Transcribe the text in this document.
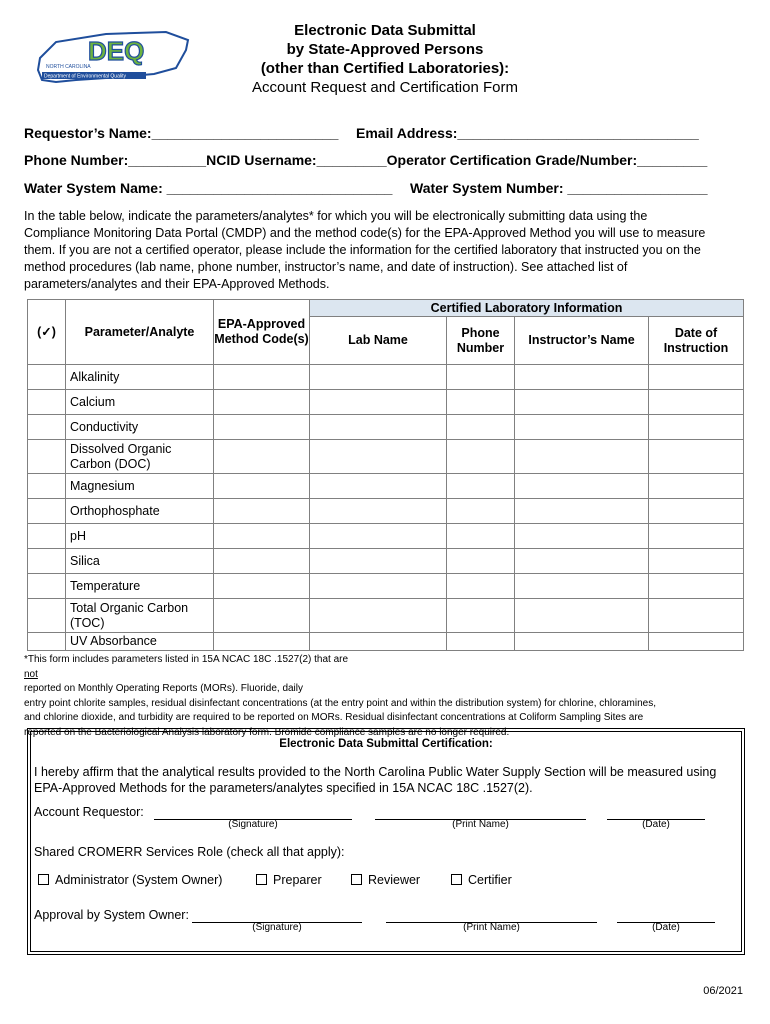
DEQ
NORTH CAROLINA
Department of Environmental Quality
Electronic Data Submittal
by State-Approved Persons
(other than Certified Laboratories):
Account Request and Certification Form
Requestor’s Name:________________________ Email Address:_______________________________
Phone Number:__________NCID Username:_________Operator Certification Grade/Number:_________
Water System Name: _____________________________ Water System Number: __________________
In the table below, indicate the parameters/analytes* for which you will be electronically submitting data using the
Compliance Monitoring Data Portal (CMDP) and the method code(s) for the EPA-Approved Method you will use to measure
them. If you are not a certified operator, please include the information for the certified laboratory that instructed you on the
method procedures (lab name, phone number, instructor’s name, and date of instruction). See attached list of
parameters/analytes and their EPA-Approved Methods.
(✓)	Parameter/Analyte	EPA-Approved Method Code(s)	Certified Laboratory Information			
			Lab Name	Phone Number	Instructor’s Name	Date of Instruction
	Alkalinity					
	Calcium					
	Conductivity					
	Dissolved Organic Carbon (DOC)					
	Magnesium					
	Orthophosphate					
	pH					
	Silica					
	Temperature					
	Total Organic Carbon (TOC)					
	UV Absorbance					
*This form includes parameters listed in 15A NCAC 18C .1527(2) that are
not
reported on Monthly Operating Reports (MORs). Fluoride, daily
entry point chlorite samples, residual disinfectant concentrations (at the entry point and within the distribution system) for chlorine, chloramines,
and chlorine dioxide, and turbidity are required to be reported on MORs. Residual disinfectant concentrations at Coliform Sampling Sites are
reported on the Bacteriological Analysis laboratory form. Bromide compliance samples are no longer required.
Electronic Data Submittal Certification:
I hereby affirm that the analytical results provided to the North Carolina Public Water Supply Section will be measured using
EPA-Approved Methods for the parameters/analytes specified in 15A NCAC 18C .1527(2).
Account Requestor:
(Signature)	(Print Name)	(Date)
Shared CROMERR Services Role (check all that apply):
Administrator (System Owner)	Preparer	Reviewer	Certifier
Approval by System Owner:
(Signature)	(Print Name)	(Date)
06/2021
